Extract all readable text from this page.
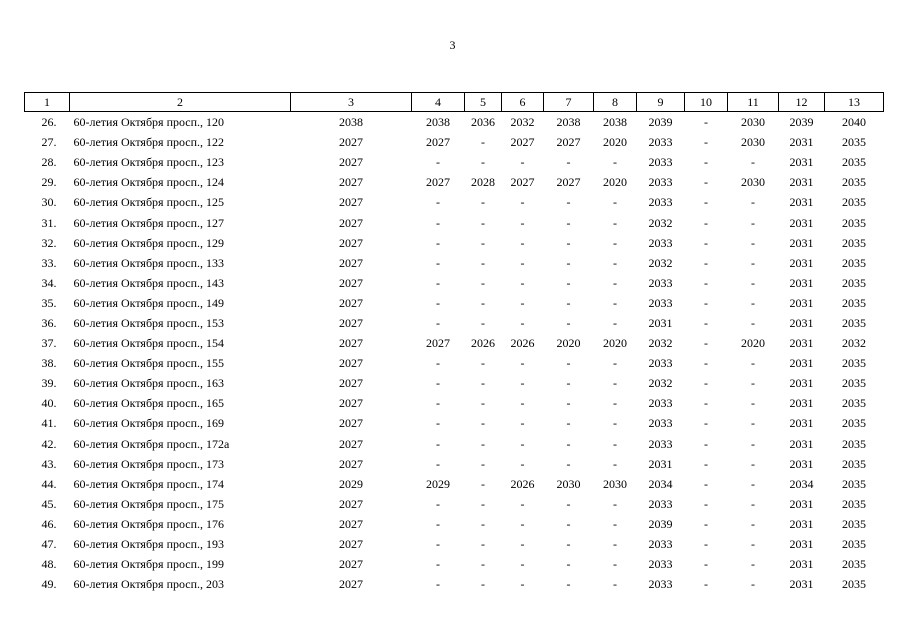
3
1	2	3	4	5	6	7	8	9	10	11	12	13
26.	60-летия Октября просп., 120	2038	2038	2036	2032	2038	2038	2039	-	2030	2039	2040
27.	60-летия Октября просп., 122	2027	2027	-	2027	2027	2020	2033	-	2030	2031	2035
28.	60-летия Октября просп., 123	2027	-	-	-	-	-	2033	-	-	2031	2035
29.	60-летия Октября просп., 124	2027	2027	2028	2027	2027	2020	2033	-	2030	2031	2035
30.	60-летия Октября просп., 125	2027	-	-	-	-	-	2033	-	-	2031	2035
31.	60-летия Октября просп., 127	2027	-	-	-	-	-	2032	-	-	2031	2035
32.	60-летия Октября просп., 129	2027	-	-	-	-	-	2033	-	-	2031	2035
33.	60-летия Октября просп., 133	2027	-	-	-	-	-	2032	-	-	2031	2035
34.	60-летия Октября просп., 143	2027	-	-	-	-	-	2033	-	-	2031	2035
35.	60-летия Октября просп., 149	2027	-	-	-	-	-	2033	-	-	2031	2035
36.	60-летия Октября просп., 153	2027	-	-	-	-	-	2031	-	-	2031	2035
37.	60-летия Октября просп., 154	2027	2027	2026	2026	2020	2020	2032	-	2020	2031	2032
38.	60-летия Октября просп., 155	2027	-	-	-	-	-	2033	-	-	2031	2035
39.	60-летия Октября просп., 163	2027	-	-	-	-	-	2032	-	-	2031	2035
40.	60-летия Октября просп., 165	2027	-	-	-	-	-	2033	-	-	2031	2035
41.	60-летия Октября просп., 169	2027	-	-	-	-	-	2033	-	-	2031	2035
42.	60-летия Октября просп., 172а	2027	-	-	-	-	-	2033	-	-	2031	2035
43.	60-летия Октября просп., 173	2027	-	-	-	-	-	2031	-	-	2031	2035
44.	60-летия Октября просп., 174	2029	2029	-	2026	2030	2030	2034	-	-	2034	2035
45.	60-летия Октября просп., 175	2027	-	-	-	-	-	2033	-	-	2031	2035
46.	60-летия Октября просп., 176	2027	-	-	-	-	-	2039	-	-	2031	2035
47.	60-летия Октября просп., 193	2027	-	-	-	-	-	2033	-	-	2031	2035
48.	60-летия Октября просп., 199	2027	-	-	-	-	-	2033	-	-	2031	2035
49.	60-летия Октября просп., 203	2027	-	-	-	-	-	2033	-	-	2031	2035
